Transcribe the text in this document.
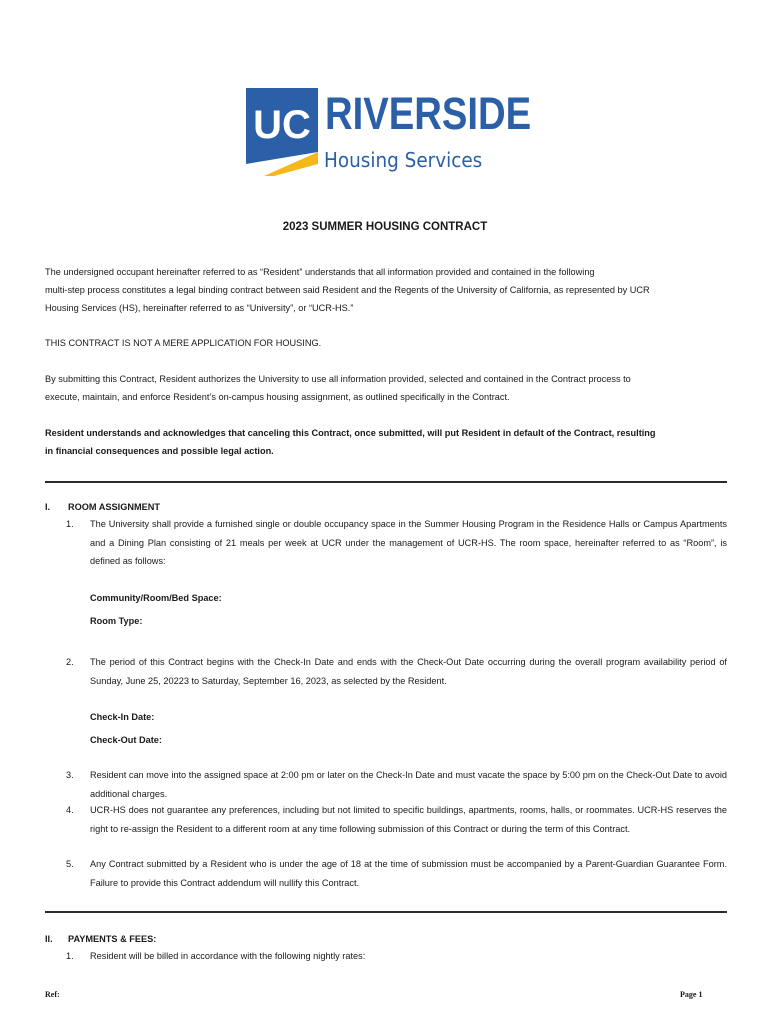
UC RIVERSIDE
Housing Services
2023 SUMMER HOUSING CONTRACT
The undersigned occupant hereinafter referred to as “Resident” understands that all information provided and contained in the following
multi-step process constitutes a legal binding contract between said Resident and the Regents of the University of California, as represented by UCR
Housing Services (HS), hereinafter referred to as “University”, or “UCR-HS.”
THIS CONTRACT IS NOT A MERE APPLICATION FOR HOUSING.
By submitting this Contract, Resident authorizes the University to use all information provided, selected and contained in the Contract process to
execute, maintain, and enforce Resident’s on-campus housing assignment, as outlined specifically in the Contract.
Resident understands and acknowledges that canceling this Contract, once submitted, will put Resident in default of the Contract, resulting
in financial consequences and possible legal action.
I. ROOM ASSIGNMENT
1. The University shall provide a furnished single or double occupancy space in the Summer Housing Program in the Residence Halls or Campus Apartments and a Dining Plan consisting of 21 meals per week at UCR under the management of UCR-HS. The room space, hereinafter referred to as “Room”, is defined as follows:
Community/Room/Bed Space:
Room Type:
2. The period of this Contract begins with the Check-In Date and ends with the Check-Out Date occurring during the overall program availability period of Sunday, June 25, 20223 to Saturday, September 16, 2023, as selected by the Resident.
Check-In Date:
Check-Out Date:
3. Resident can move into the assigned space at 2:00 pm or later on the Check-In Date and must vacate the space by 5:00 pm on the Check-Out Date to avoid additional charges.
4. UCR-HS does not guarantee any preferences, including but not limited to specific buildings, apartments, rooms, halls, or roommates. UCR-HS reserves the right to re-assign the Resident to a different room at any time following submission of this Contract or during the term of this Contract.
5. Any Contract submitted by a Resident who is under the age of 18 at the time of submission must be accompanied by a Parent-Guardian Guarantee Form. Failure to provide this Contract addendum will nullify this Contract.
II. PAYMENTS & FEES:
1. Resident will be billed in accordance with the following nightly rates:
Ref:	Page 1
